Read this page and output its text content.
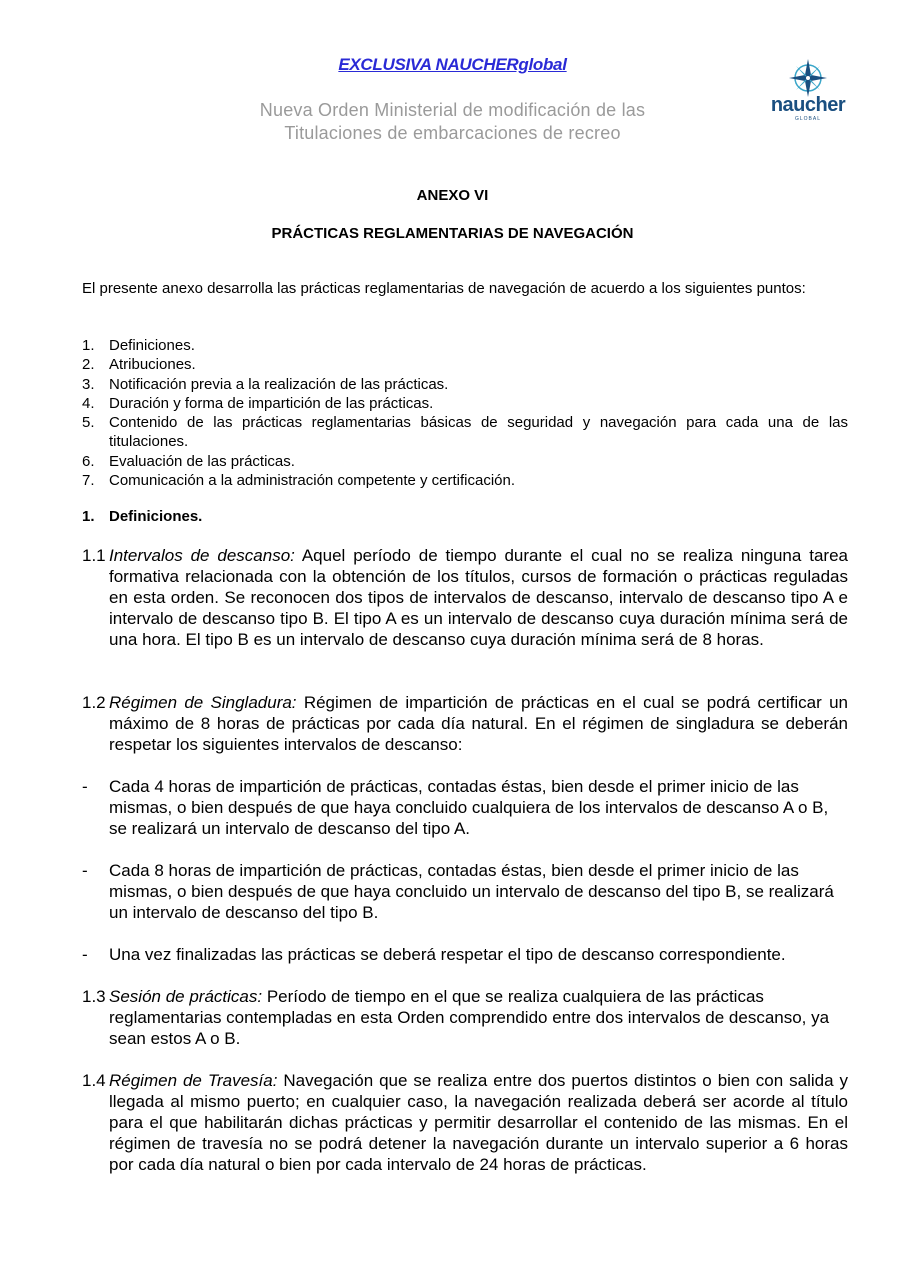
EXCLUSIVA NAUCHERglobal
Nueva Orden Ministerial de modificación de las
Titulaciones de embarcaciones de recreo
naucher
GLOBAL
ANEXO VI
PRÁCTICAS REGLAMENTARIAS DE NAVEGACIÓN
El presente anexo desarrolla las prácticas reglamentarias de navegación de acuerdo a los siguientes puntos:
1. Definiciones.
2. Atribuciones.
3. Notificación previa a la realización de las prácticas.
4. Duración y forma de impartición de las prácticas.
5. Contenido de las prácticas reglamentarias básicas de seguridad y navegación para cada una de las titulaciones.
6. Evaluación de las prácticas.
7. Comunicación a la administración competente y certificación.
1. Definiciones.
1.1 Intervalos de descanso: Aquel período de tiempo durante el cual no se realiza ninguna tarea formativa relacionada con la obtención de los títulos, cursos de formación o prácticas reguladas en esta orden. Se reconocen dos tipos de intervalos de descanso, intervalo de descanso tipo A e intervalo de descanso tipo B. El tipo A es un intervalo de descanso cuya duración mínima será de una hora. El tipo B es un intervalo de descanso cuya duración mínima será de 8 horas.
1.2 Régimen de Singladura: Régimen de impartición de prácticas en el cual se podrá certificar un máximo de 8 horas de prácticas por cada día natural. En el régimen de singladura se deberán respetar los siguientes intervalos de descanso:
-	Cada 4 horas de impartición de prácticas, contadas éstas, bien desde el primer inicio de las mismas, o bien después de que haya concluido cualquiera de los intervalos de descanso A o B, se realizará un intervalo de descanso del tipo A.
-	Cada 8 horas de impartición de prácticas, contadas éstas, bien desde el primer inicio de las mismas, o bien después de que haya concluido un intervalo de descanso del tipo B, se realizará un intervalo de descanso del tipo B.
-	Una vez finalizadas las prácticas se deberá respetar el tipo de descanso correspondiente.
1.3 Sesión de prácticas: Período de tiempo en el que se realiza cualquiera de las prácticas reglamentarias contempladas en esta Orden comprendido entre dos intervalos de descanso, ya sean estos A o B.
1.4 Régimen de Travesía: Navegación que se realiza entre dos puertos distintos o bien con salida y llegada al mismo puerto; en cualquier caso, la navegación realizada deberá ser acorde al título para el que habilitarán dichas prácticas y permitir desarrollar el contenido de las mismas. En el régimen de travesía no se podrá detener la navegación durante un intervalo superior a 6 horas por cada día natural o bien por cada intervalo de 24 horas de prácticas.
